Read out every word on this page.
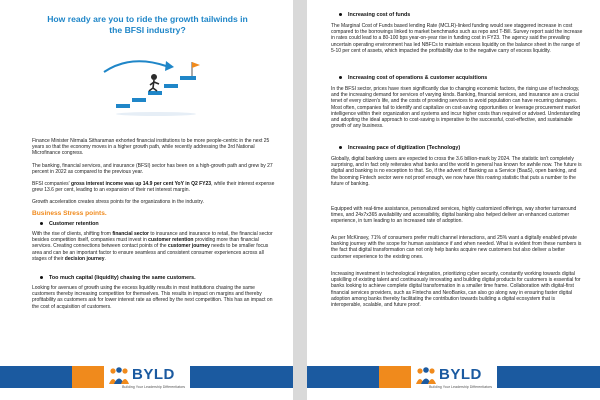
How ready are you to ride the growth tailwinds in the BFSI industry?
Finance Minister Nirmala Sitharaman exhorted financial institutions to be more people-centric in the next 25 years so that the economy moves in a higher growth path, while recently addressing the 3rd National Microfinance congress.
The banking, financial services, and insurance (BFSI) sector has been on a high-growth path and grew by 27 percent in 2022 as compared to the previous year.
BFSI companies' gross interest income was up 14.9 per cent YoY in Q2 FY23, while their interest expense grew 13.6 per cent, leading to an expansion of their net interest margin.
Growth acceleration creates stress points for the organizations in the industry.
Business Stress points.
Customer retention
With the rise of clients, shifting from financial sector to insurance and insurance to retail, the financial sector besides competition itself, companies must invest in customer retention providing more than financial services. Creating connections between contact points of the customer journey needs to be smaller focus area and can be an important factor to ensure seamless and consistent consumer experiences across all stages of their decision journey.
Too much capital (liquidity) chasing the same customers.
Looking for avenues of growth using the excess liquidity results in most institutions chasing the same customers thereby increasing competition for themselves. This results in impact on margins and thereby profitability as customers ask for lower interest rate as offered by the next competition. This has an impact on the cost of acquisition of customers.
BYLD
Building Your Leadership Differentiators
Increasing cost of funds
The Marginal Cost of Funds based lending Rate (MCLR)-linked funding would see staggered increase in cost compared to the borrowings linked to market benchmarks such as repo and T-Bill. Survey report said the increase in rates could lead to a 80-100 bps year-on-year rise in funding cost in FY23. The agency said the prevailing uncertain operating environment has led NBFCs to maintain excess liquidity on the balance sheet in the range of 5-10 per cent of assets, which impacted the profitability due to the negative carry of excess liquidity.
Increasing cost of operations & customer acquisitions
In the BFSI sector, prices have risen significantly due to changing economic factors, the rising use of technology, and the increasing demand for services of varying kinds. Banking, financial services, and insurance are a crucial tenet of every citizen's life, and the costs of providing services to avoid population can have recurring damages. Most often, companies fail to identify and capitalize on cost-saving opportunities or leverage procurement market intelligence within their organization and systems and incur higher costs than required or advised. Understanding and adopting the ideal approach to cost-saving is imperative to the successful, cost-effective, and sustainable growth of any business.
Increasing pace of digitization (Technology)
Globally, digital banking users are expected to cross the 3.6 billion-mark by 2024. The statistic isn't completely surprising, and in fact only reiterates what banks and the world in general has known for awhile now. The future is digital and banking is no exception to that. So, if the advent of Banking as a Service (BaaS), open banking, and the booming Fintech sector were not proof enough, we now have this roaring statistic that puts a number to the future of banking.
Equipped with real-time assistance, personalized services, highly customized offerings, way shorter turnaround times, and 24x7x365 availability and accessibility, digital banking also helped deliver an enhanced customer experience, in turn leading to an increased rate of adoption.
As per McKinsey, 71% of consumers prefer multi channel interactions, and 25% want a digitally enabled private banking journey with the scope for human assistance if and when needed. What is evident from these numbers is the fact that digital transformation can not only help banks acquire new customers but also deliver a better customer experience to the existing ones.
Increasing investment in technological integration, prioritizing cyber security, constantly working towards digital upskilling of existing talent and continuously innovating and building digital products for customers is essential for banks looking to achieve complete digital transformation in a smaller time frame. Collaboration with digital-first financial services providers, such as Fintechs and NeoBanks, can also go along way in ensuring faster digital adoption among banks thereby facilitating the contribution towards building a digital ecosystem that is interoperable, scalable, and future proof.
BYLD
Building Your Leadership Differentiators
